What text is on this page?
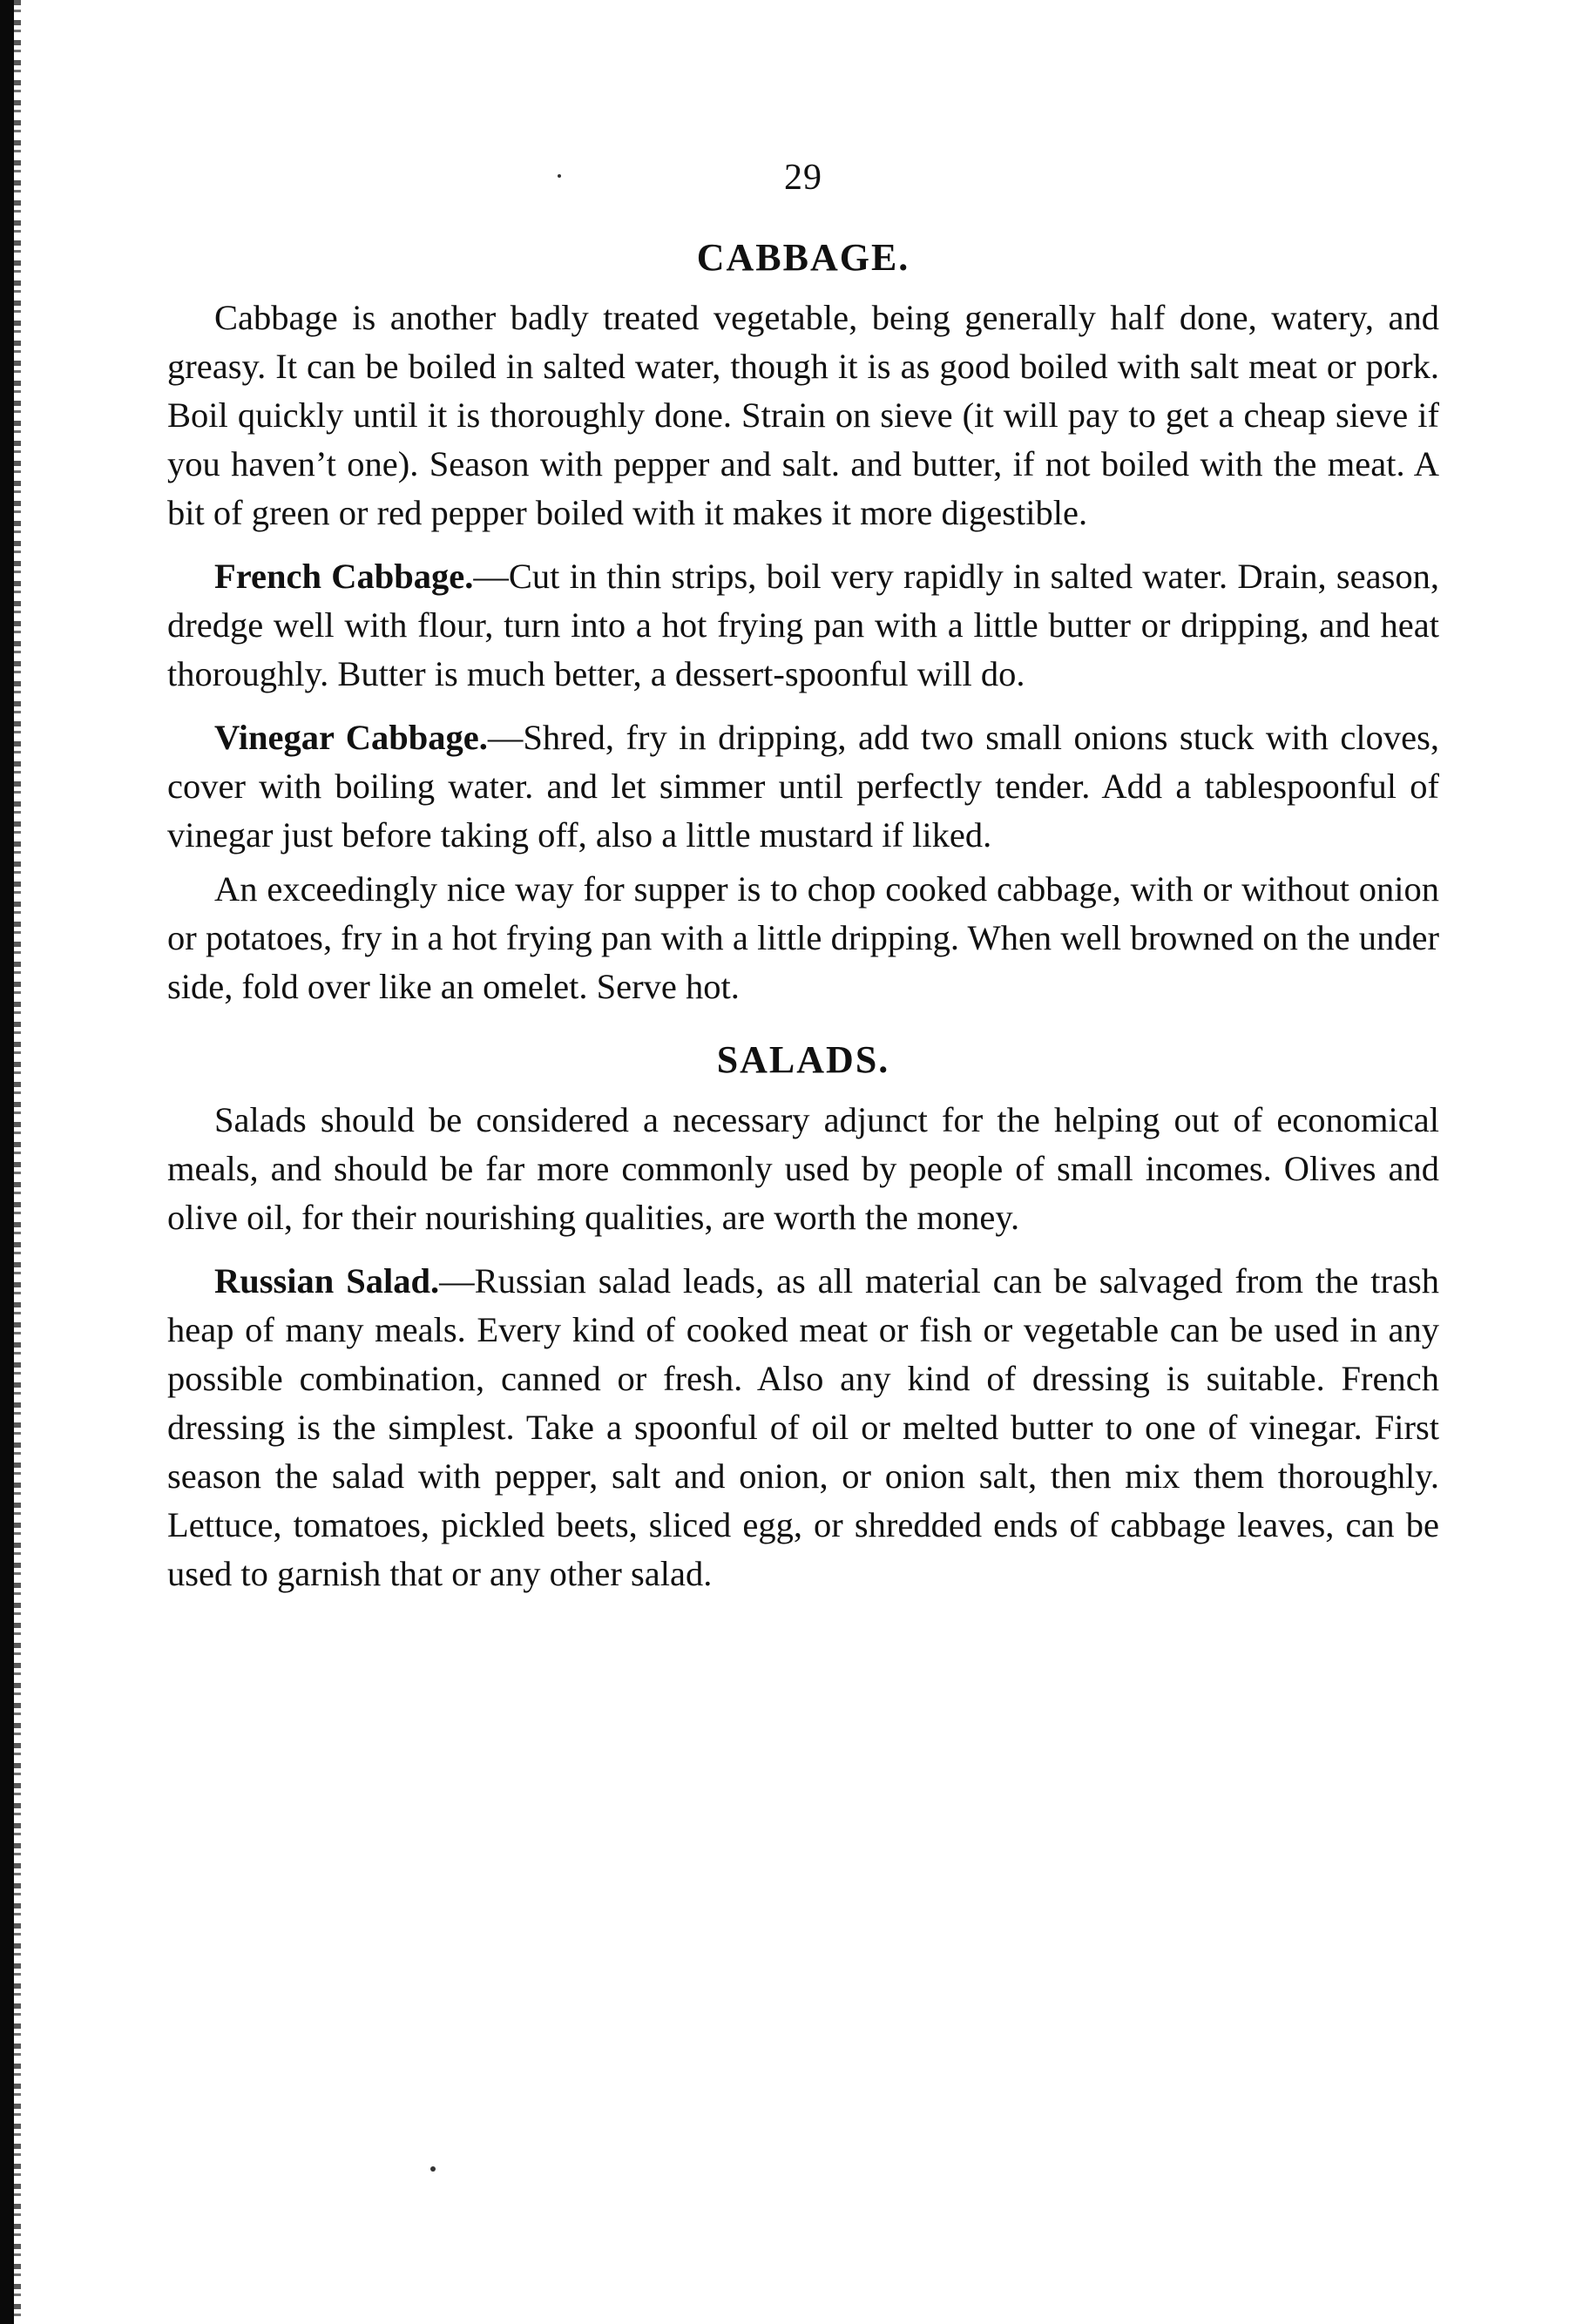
29
CABBAGE.

Cabbage is another badly treated vegetable, being generally half done, watery, and greasy. It can be boiled in salted water, though it is as good boiled with salt meat or pork. Boil quickly until it is thoroughly done. Strain on sieve (it will pay to get a cheap sieve if you haven’t one). Season with pepper and salt. and butter, if not boiled with the meat. A bit of green or red pepper boiled with it makes it more digestible.

French Cabbage.—Cut in thin strips, boil very rapidly in salted water. Drain, season, dredge well with flour, turn into a hot frying pan with a little butter or dripping, and heat thoroughly. Butter is much better, a dessert-spoonful will do.

Vinegar Cabbage.—Shred, fry in dripping, add two small onions stuck with cloves, cover with boiling water. and let simmer until perfectly tender. Add a tablespoonful of vinegar just before taking off, also a little mustard if liked.

An exceedingly nice way for supper is to chop cooked cabbage, with or without onion or potatoes, fry in a hot frying pan with a little dripping. When well browned on the under side, fold over like an omelet. Serve hot.

SALADS.

Salads should be considered a necessary adjunct for the helping out of economical meals, and should be far more commonly used by people of small incomes. Olives and olive oil, for their nourishing qualities, are worth the money.

Russian Salad.—Russian salad leads, as all material can be salvaged from the trash heap of many meals. Every kind of cooked meat or fish or vegetable can be used in any possible combination, canned or fresh. Also any kind of dressing is suitable. French dressing is the simplest. Take a spoonful of oil or melted butter to one of vinegar. First season the salad with pepper, salt and onion, or onion salt, then mix them thoroughly. Lettuce, tomatoes, pickled beets, sliced egg, or shredded ends of cabbage leaves, can be used to garnish that or any other salad.
